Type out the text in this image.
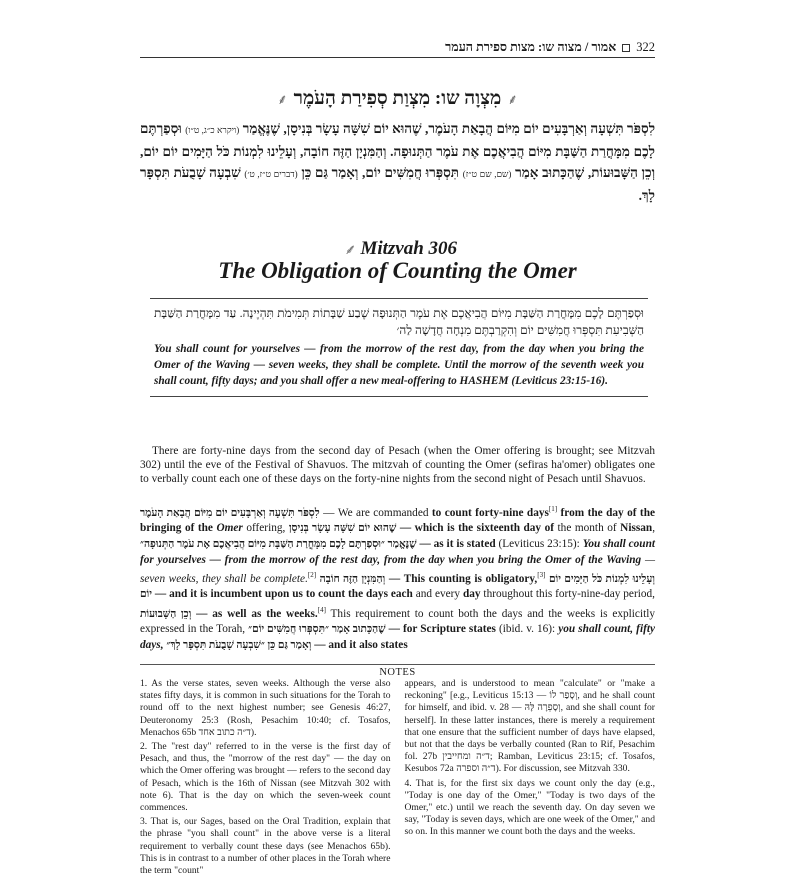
322
אמור / מצוה שו: מצות ספירת העמר
⸙מִצְוָה שו: מִצְוַת סְפִירַת הָעֹמֶר⸙
לִסְפֹּר תִּשְׁעָה וְאַרְבָּעִים יוֹם מִיּוֹם הֲבָאַת הָעֹמֶר, שֶׁהוּא יוֹם שִׁשָּׁה עָשָׂר בְּנִיסָן, שֶׁנֶּאֱמַר (ויקרא כ״ג, ט״ו) וּסְפַרְתֶּם לָכֶם מִמָּחֳרַת הַשַּׁבָּת מִיּוֹם הֲבִיאֲכֶם אֶת עֹמֶר הַתְּנוּפָה. וְהַמִּנְיָן הַזֶּה חוֹבָה, וְעָלֵינוּ לִמְנוֹת כֹּל הַיָּמִים יוֹם יוֹם, וְכֵן הַשָּׁבוּעוֹת, שֶׁהַכָּתוּב אָמַר (שם, שם ט״ז) תִּסְפְּרוּ חֲמִשִּׁים יוֹם, וְאָמַר גַּם כֵּן (דברים ט״ז, ט׳) שִׁבְעָה שָׁבֻעֹת תִּסְפָּר לָךְ.
⸙ Mitzvah 306
The Obligation of Counting the Omer
וּסְפַרְתֶּם לָכֶם מִמָּחֳרַת הַשַּׁבָּת מִיּוֹם הֲבִיאֲכֶם אֶת עֹמֶר הַתְּנוּפָה שֶׁבַע שַׁבָּתוֹת תְּמִימֹת תִּהְיֶינָה. עַד מִמָּחֳרַת הַשַּׁבָּת הַשְּׁבִיעִת תִּסְפְּרוּ חֲמִשִּׁים יוֹם וְהִקְרַבְתֶּם מִנְחָה חֲדָשָׁה לַה׳
You shall count for yourselves — from the morrow of the rest day, from the day when you bring the Omer of the Waving — seven weeks, they shall be complete. Until the morrow of the seventh week you shall count, fifty days; and you shall offer a new meal-offering to HASHEM (Leviticus 23:15-16).
There are forty-nine days from the second day of Pesach (when the Omer offering is brought; see Mitzvah 302) until the eve of the Festival of Shavuos. The mitzvah of counting the Omer (sefiras ha'omer) obligates one to verbally count each one of these days on the forty-nine nights from the second night of Pesach until Shavuos.
לִסְפֹּר תִּשְׁעָה וְאַרְבָּעִים יוֹם מִיּוֹם הֲבָאַת הָעֹמֶר — We are commanded to count forty-nine days[1] from the day of the bringing of the Omer offering, שֶׁהוּא יוֹם שִׁשָּׁה עָשָׂר בְּנִיסָן — which is the sixteenth day of the month of Nissan, שֶׁנֶּאֱמַר ״וּסְפַרְתֶּם לָכֶם מִמָּחֳרַת הַשַּׁבָּת מִיּוֹם הֲבִיאֲכֶם אֶת עֹמֶר הַתְּנוּפָה״ — as it is stated (Leviticus 23:15): You shall count for yourselves — from the morrow of the rest day, from the day when you bring the Omer of the Waving — seven weeks, they shall be complete.[2] וְהַמִּנְיָן הַזֶּה חוֹבָה — This counting is obligatory,[3] וְעָלֵינוּ לִמְנוֹת כֹּל הַיָּמִים יוֹם יוֹם — and it is incumbent upon us to count the days each and every day throughout this forty-nine-day period, וְכֵן הַשָּׁבוּעוֹת — as well as the weeks.[4] This requirement to count both the days and the weeks is explicitly expressed in the Torah, שֶׁהַכָּתוּב אָמַר ״תִּסְפְּרוּ חֲמִשִּׁים יוֹם״ — for Scripture states (ibid. v. 16): you shall count, fifty days, וְאָמַר גַּם כֵּן ״שִׁבְעָה שָׁבֻעֹת תִּסְפָּר לָךְ״ — and it also states
NOTES

1. As the verse states, seven weeks. Although the verse also states fifty days, it is common in such situations for the Torah to round off to the next highest number; see Genesis 46:27, Deuteronomy 25:3 (Rosh, Pesachim 10:40; cf. Tosafos, Menachos 65b ד״ה כתוב אחד).

2. The "rest day" referred to in the verse is the first day of Pesach, and thus, the "morrow of the rest day" — the day on which the Omer offering was brought — refers to the second day of Pesach, which is the 16th of Nissan (see Mitzvah 302 with note 6). That is the day on which the seven-week count commences.

3. That is, our Sages, based on the Oral Tradition, explain that the phrase "you shall count" in the above verse is a literal requirement to verbally count these days (see Menachos 65b). This is in contrast to a number of other places in the Torah where the term "count"

appears, and is understood to mean "calculate" or "make a reckoning" [e.g., Leviticus 15:13 — וְסָפַר לוֹ, and he shall count for himself, and ibid. v. 28 — וְסָפְרָה לָּהּ, and she shall count for herself]. In these latter instances, there is merely a requirement that one ensure that the sufficient number of days have elapsed, but not that the days be verbally counted (Ran to Rif, Pesachim fol. 27b ד״ה ומחייבין; Ramban, Leviticus 23:15; cf. Tosafos, Kesubos 72a ד״ה וספרה). For discussion, see Mitzvah 330.

4. That is, for the first six days we count only the day (e.g., "Today is one day of the Omer," "Today is two days of the Omer," etc.) until we reach the seventh day. On day seven we say, "Today is seven days, which are one week of the Omer," and so on. In this manner we count both the days and the weeks.
